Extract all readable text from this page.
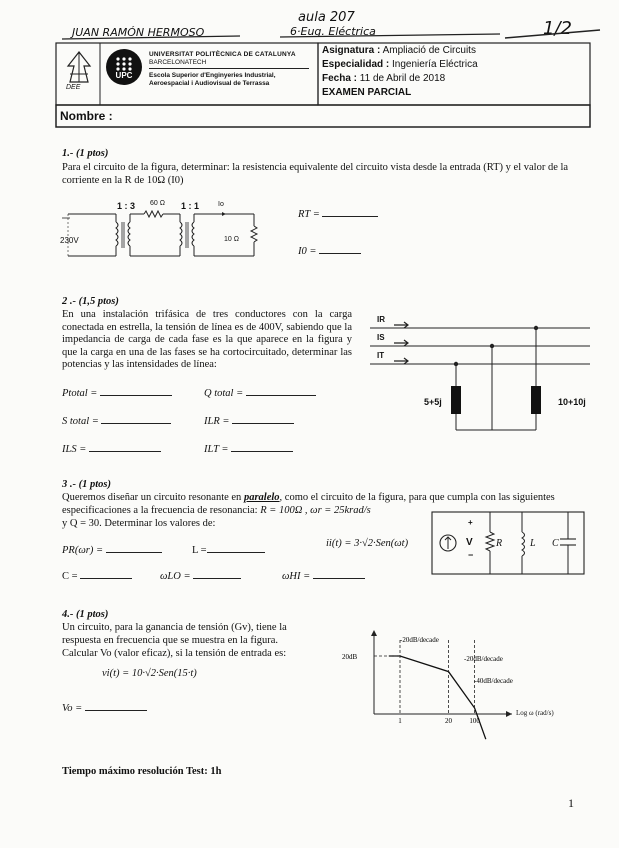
JUAN RAMÓN HERMOSO
aula 207
6·Eug. Eléctrica	1/2
DEE
UPC
UNIVERSITAT POLITÈCNICA DE CATALUNYA
BARCELONATECH
Escola Superior d'Enginyeries Industrial,
Aeroespacial i Audiovisual de Terrassa
Asignatura : Ampliació de Circuits
Especialidad : Ingeniería Eléctrica
Fecha : 11 de Abril de 2018
EXAMEN PARCIAL
Nombre :
1.- (1 ptos)
Para el circuito de la figura, determinar: la resistencia equivalente del circuito vista desde la entrada (RT) y el valor de la corriente en la R de 10Ω (I0)
1 : 3	1 : 1
60 Ω	Io
10 Ω
230V
RT =
I0 =
2 .- (1,5 ptos)
En una instalación trifásica de tres conductores con la carga conectada en estrella, la tensión de línea es de 400V, sabiendo que la impedancia de carga de cada fase es la que aparece en la figura y que la carga en una de las fases se ha cortocircuitado, determinar las potencias y las intensidades de línea:
IR
IS
IT
5+5j	10+10j
Ptotal =	Q total =
S total =	ILR =
ILS =	ILT =
3 .- (1 ptos)
Queremos diseñar un circuito resonante en paralelo, como el circuito de la figura, para que cumpla con las siguientes
especificaciones a la frecuencia de resonancia: R = 100Ω , ωr = 25krad/s
y Q = 30. Determinar los valores de:
ii(t) = 3·√2·Sen(ωt)
+
V
−
R	L C
PR(ωr) =	L =
C =	ωLO =	ωHI =
4.- (1 ptos)
Un circuito, para la ganancia de tensión (Gv), tiene la
respuesta en frecuencia que se muestra en la figura.
Calcular Vo (valor eficaz), si la tensión de entrada es:
vi(t) = 10·√2·Sen(15·t)
Vo =
1	20 100
20dB
-20dB/decade
-20dB/decade
-40dB/decade
Log ω (rad/s)
Tiempo máximo resolución Test: 1h
1
